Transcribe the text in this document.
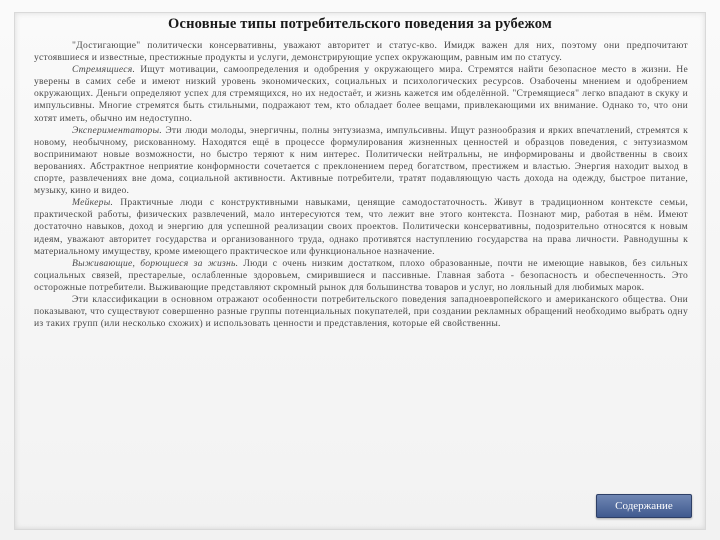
Основные типы потребительского поведения за рубежом

"Достигающие" политически консервативны, уважают авторитет и статус-кво. Имидж важен для них, поэтому они предпочитают устоявшиеся и известные, престижные продукты и услуги, демонстрирующие успех окружающим, равным им по статусу.

Стремящиеся. Ищут мотивации, самоопределения и одобрения у окружающего мира. Стремятся найти безопасное место в жизни. Не уверены в самих себе и имеют низкий уровень экономических, социальных и психологических ресурсов. Озабочены мнением и одобрением окружающих. Деньги определяют успех для стремящихся, но их недостаёт, и жизнь кажется им обделённой. "Стремящиеся" легко впадают в скуку и импульсивны. Многие стремятся быть стильными, подражают тем, кто обладает более вещами, привлекающими их внимание. Однако то, что они хотят иметь, обычно им недоступно.

Экспериментаторы. Эти люди молоды, энергичны, полны энтузиазма, импульсивны. Ищут разнообразия и ярких впечатлений, стремятся к новому, необычному, рискованному. Находятся ещё в процессе формулирования жизненных ценностей и образцов поведения, с энтузиазмом воспринимают новые возможности, но быстро теряют к ним интерес. Политически нейтральны, не информированы и двойственны в своих верованиях. Абстрактное неприятие конформности сочетается с преклонением перед богатством, престижем и властью. Энергия находит выход в спорте, развлечениях вне дома, социальной активности. Активные потребители, тратят подавляющую часть дохода на одежду, быстрое питание, музыку, кино и видео.

Мейкеры. Практичные люди с конструктивными навыками, ценящие самодостаточность. Живут в традиционном контексте семьи, практической работы, физических развлечений, мало интересуются тем, что лежит вне этого контекста. Познают мир, работая в нём. Имеют достаточно навыков, доход и энергию для успешной реализации своих проектов. Политически консервативны, подозрительно относятся к новым идеям, уважают авторитет государства и организованного труда, однако противятся наступлению государства на права личности. Равнодушны к материальному имуществу, кроме имеющего практическое или функциональное назначение.

Выживающие, борющиеся за жизнь. Люди с очень низким достатком, плохо образованные, почти не имеющие навыков, без сильных социальных связей, престарелые, ослабленные здоровьем, смирившиеся и пассивные. Главная забота - безопасность и обеспеченность. Это осторожные потребители. Выживающие представляют скромный рынок для большинства товаров и услуг, но лояльный для любимых марок.

Эти классификации в основном отражают особенности потребительского поведения западноевропейского и американского общества. Они показывают, что существуют совершенно разные группы потенциальных покупателей, при создании рекламных обращений необходимо выбрать одну из таких групп (или несколько схожих) и использовать ценности и представления, которые ей свойственны.

Содержание
